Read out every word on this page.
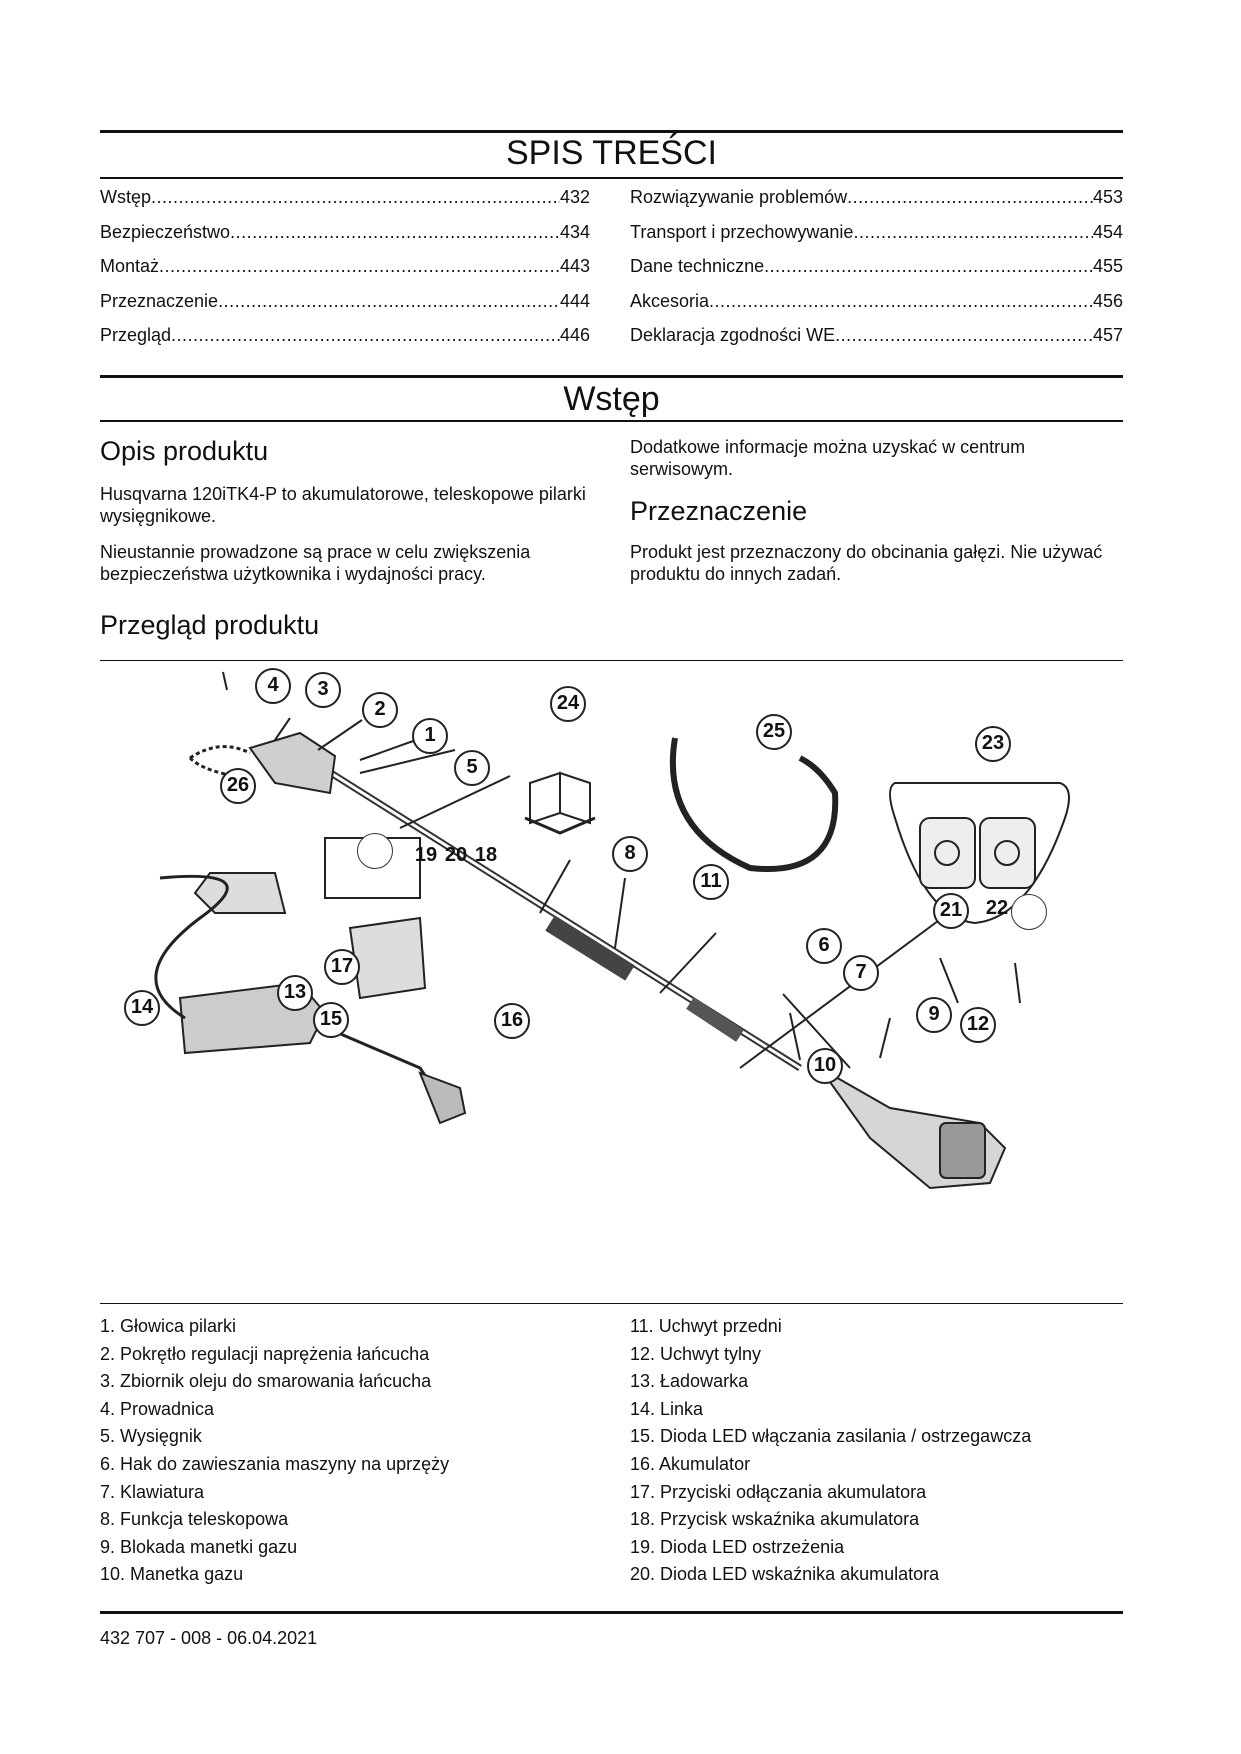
SPIS TREŚCI
Wstęp .....	432
Bezpieczeństwo .....	434
Montaż .....	443
Przeznaczenie .....	444
Przegląd .....	446
Rozwiązywanie problemów .....	453
Transport i przechowywanie .....	454
Dane techniczne .....	455
Akcesoria .....	456
Deklaracja zgodności WE .....	457
Wstęp
Opis produktu

Husqvarna 120iTK4-P to akumulatorowe, teleskopowe pilarki wysięgnikowe.

Nieustannie prowadzone są prace w celu zwiększenia bezpieczeństwa użytkownika i wydajności pracy.

Dodatkowe informacje można uzyskać w centrum serwisowym.

Przeznaczenie

Produkt jest przeznaczony do obcinania gałęzi. Nie używać produktu do innych zadań.

Przegląd produktu
1
2
3
4
5
6
7
8
9
10
11
12
13
14
15	16
17
18
19 20
21	22
23
24
25
26
1. Głowica pilarki
2. Pokrętło regulacji naprężenia łańcucha
3. Zbiornik oleju do smarowania łańcucha
4. Prowadnica
5. Wysięgnik
6. Hak do zawieszania maszyny na uprzęży
7. Klawiatura
8. Funkcja teleskopowa
9. Blokada manetki gazu
10. Manetka gazu
11. Uchwyt przedni
12. Uchwyt tylny
13. Ładowarka
14. Linka
15. Dioda LED włączania zasilania / ostrzegawcza
16. Akumulator
17. Przyciski odłączania akumulatora
18. Przycisk wskaźnika akumulatora
19. Dioda LED ostrzeżenia
20. Dioda LED wskaźnika akumulatora
432 707 - 008 - 06.04.2021
